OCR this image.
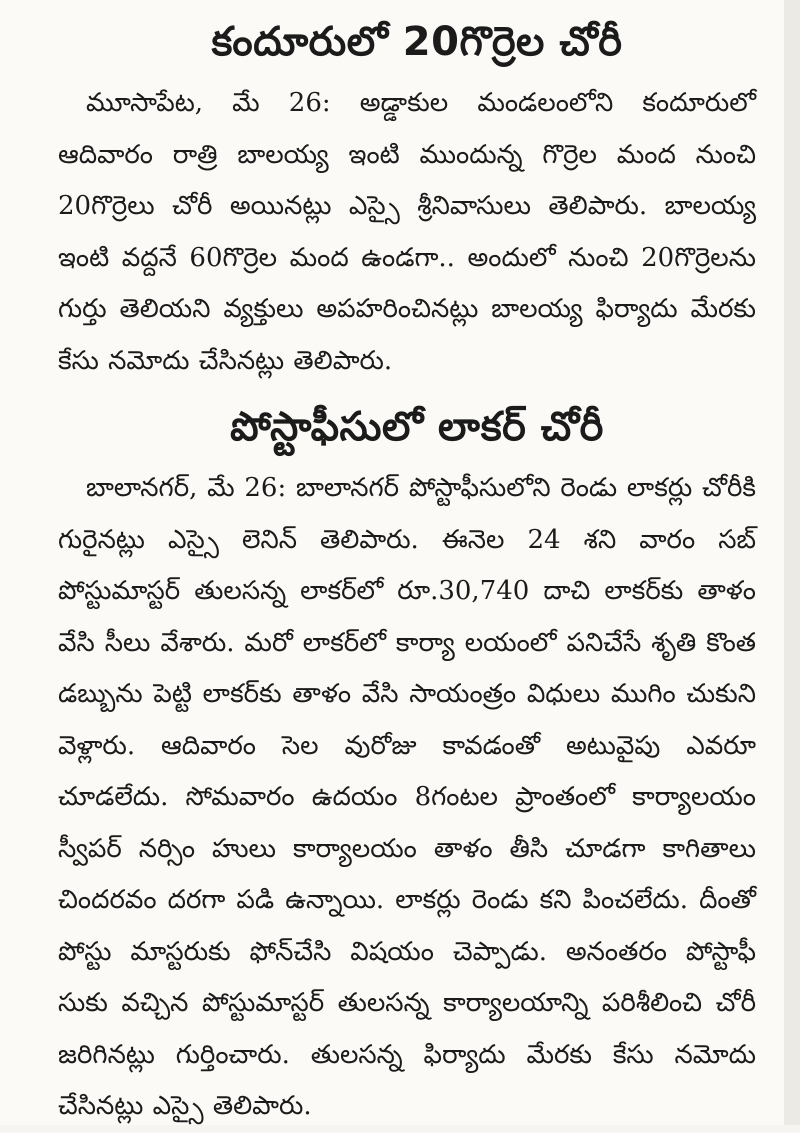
కందూరులో 20గొర్రెల చోరీ

మూసాపేట, మే 26: అడ్డాకుల మండలంలోని కందూరులో ఆదివారం రాత్రి బాలయ్య ఇంటి ముందున్న గొర్రెల మంద నుంచి 20గొర్రెలు చోరీ అయినట్లు ఎస్సై శ్రీనివాసులు తెలిపారు. బాలయ్య ఇంటి వద్దనే 60గొర్రెల మంద ఉండగా.. అందులో నుంచి 20గొర్రెలను గుర్తు తెలియని వ్యక్తులు అపహరించినట్లు బాలయ్య ఫిర్యాదు మేరకు కేసు నమోదు చేసినట్లు తెలిపారు.

పోస్టాఫీసులో లాకర్ చోరీ

బాలానగర్, మే 26: బాలానగర్ పోస్టాఫీసులోని రెండు లాకర్లు చోరీకి గురైనట్లు ఎస్సై లెనిన్ తెలిపారు. ఈనెల 24 శని వారం సబ్ పోస్టుమాస్టర్ తులసన్న లాకర్‌లో రూ.30,740 దాచి లాకర్‌కు తాళం వేసి సీలు వేశారు. మరో లాకర్‌లో కార్యా లయంలో పనిచేసే శృతి కొంత డబ్బును పెట్టి లాకర్‌కు తాళం వేసి సాయంత్రం విధులు ముగిం చుకుని వెళ్లారు. ఆదివారం సెల వురోజు కావడంతో అటువైపు ఎవరూ చూడలేదు. సోమవారం ఉదయం 8గంటల ప్రాంతంలో కార్యాలయం స్వీపర్ నర్సిం హులు కార్యాలయం తాళం తీసి చూడగా కాగితాలు చిందరవం దరగా పడి ఉన్నాయి. లాకర్లు రెండు కని పించలేదు. దీంతో పోస్టు మాస్టరుకు ఫోన్‌చేసి విషయం చెప్పాడు. అనంతరం పోస్టాఫీ సుకు వచ్చిన పోస్టుమాస్టర్ తులసన్న కార్యాలయాన్ని పరిశీలించి చోరీ జరిగినట్లు గుర్తించారు. తులసన్న ఫిర్యాదు మేరకు కేసు నమోదు చేసినట్లు ఎస్సై తెలిపారు.
